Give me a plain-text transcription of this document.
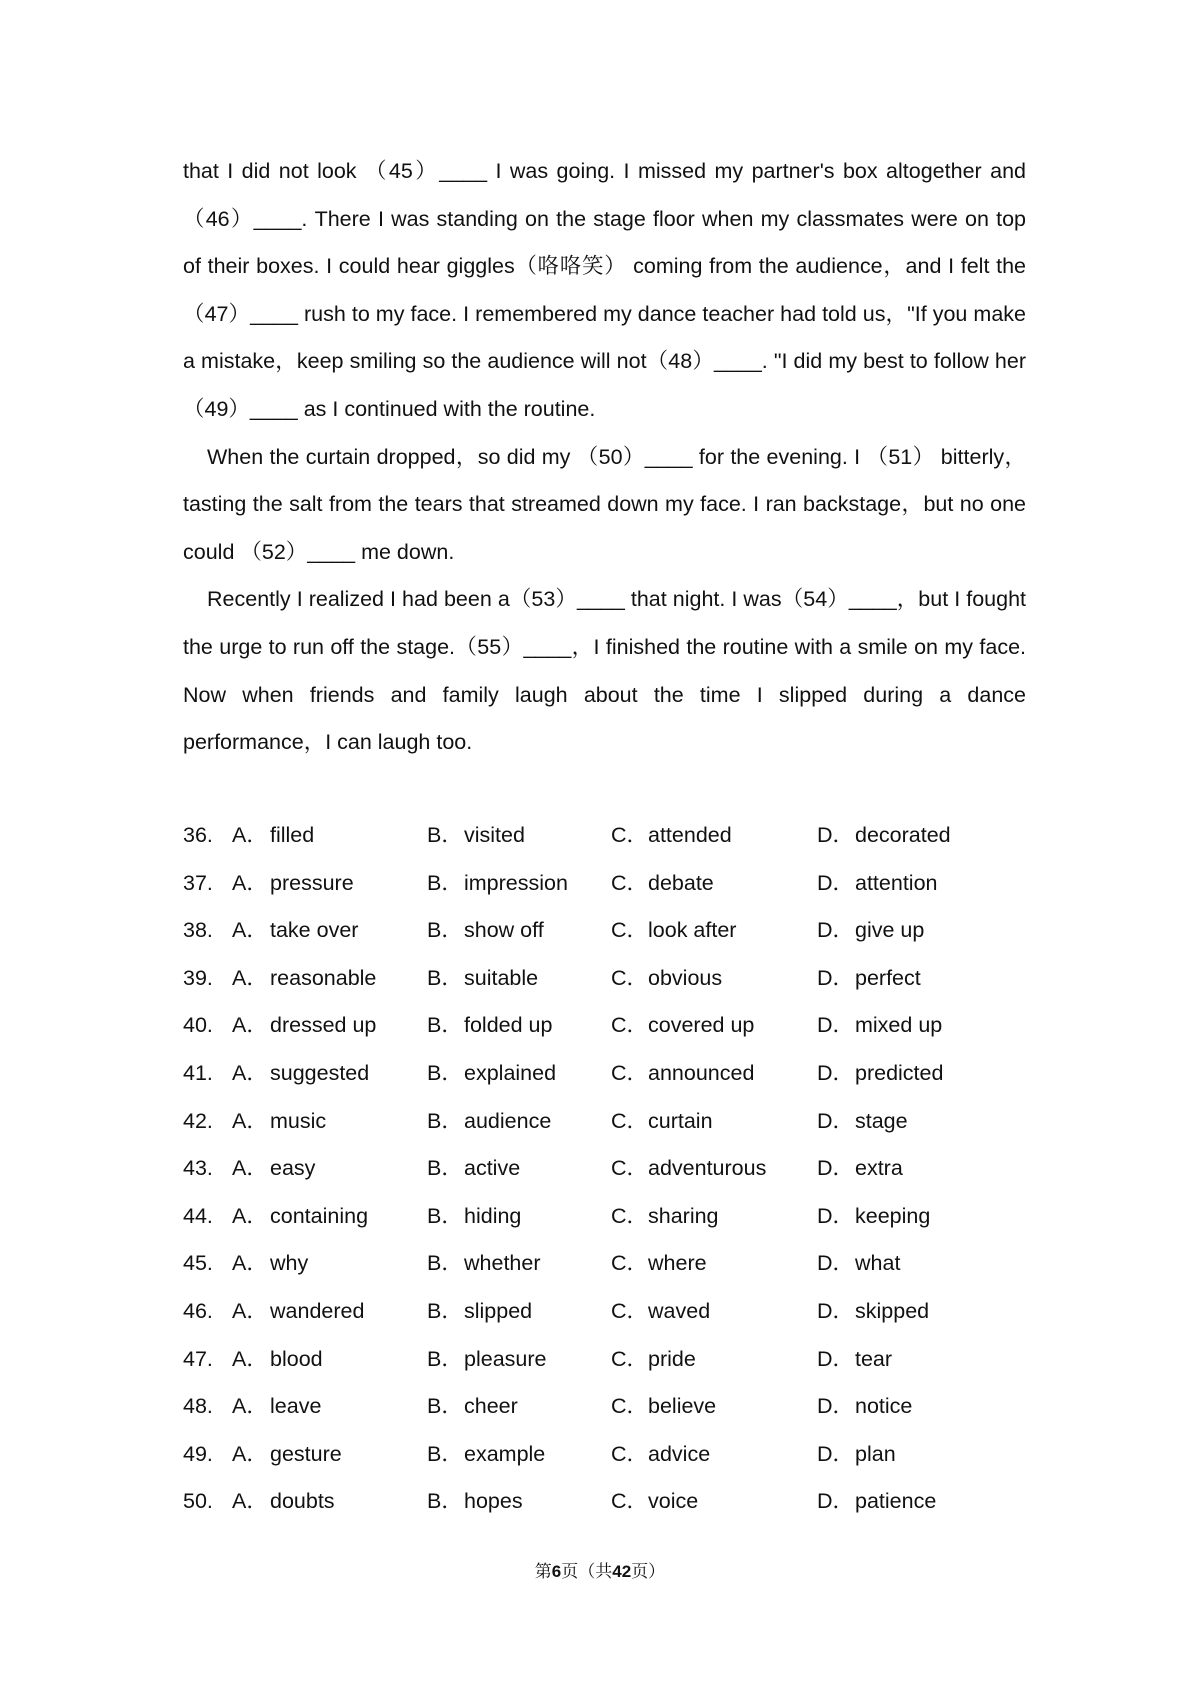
that I did not look （45）____ I was going. I missed my partner's box altogether and （46）____. There I was standing on the stage floor when my classmates were on top of their boxes. I could hear giggles（咯咯笑） coming from the audience，and I felt the（47）____ rush to my face. I remembered my dance teacher had told us，"If you make a mistake，keep smiling so the audience will not（48）____. "I did my best to follow her （49）____ as I continued with the routine.

When the curtain dropped，so did my （50）____ for the evening. I （51） bitterly，tasting the salt from the tears that streamed down my face. I ran backstage，but no one could （52）____ me down.

Recently I realized I had been a（53）____ that night. I was（54）____，but I fought the urge to run off the stage.（55）____，I finished the routine with a smile on my face. Now when friends and family laugh about the time I slipped during a dance performance，I can laugh too.

36. A． filled	B． visited	C． attended	D． decorated
37. A． pressure	B． impression C． debate	D． attention
38. A． take over	B． show off	C． look after	D． give up
39. A． reasonable B． suitable	C． obvious	D． perfect
40. A． dressed up B． folded up	C． covered up	D． mixed up
41. A． suggested	B． explained	C． announced	D． predicted
42. A． music	B． audience	C． curtain	D． stage
43. A． easy	B． active	C． adventurous D． extra
44. A． containing	B． hiding	C． sharing	D． keeping
45. A． why	B． whether	C． where	D． what
46. A． wandered	B． slipped	C． waved	D． skipped
47. A． blood	B． pleasure	C． pride	D． tear
48. A． leave	B． cheer	C． believe	D． notice
49. A． gesture	B． example	C． advice	D． plan
50. A． doubts	B． hopes	C． voice	D． patience
第6页（共42页）
